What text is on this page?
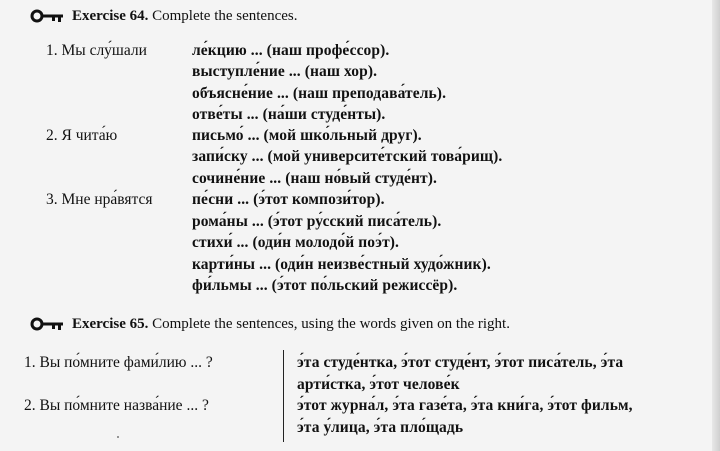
Exercise 64. Complete the sentences.
1. Мы слу́шали
2. Я чита́ю
3. Мне нра́вятся
ле́кцию ... (наш профе́ссор).
выступле́ние ... (наш хор).
объясне́ние ... (наш преподава́тель).
отве́ты ... (на́ши студе́нты).
письмо́ ... (мой шко́льный друг).
запи́ску ... (мой университе́тский това́рищ).
сочине́ние ... (наш но́вый студе́нт).
пе́сни ... (э́тот компози́тор).
рома́ны ... (э́тот ру́сский писа́тель).
стихи́ ... (оди́н молодо́й поэ́т).
карти́ны ... (оди́н неизве́стный худо́жник).
фи́льмы ... (э́тот по́льский режиссёр).
Exercise 65. Complete the sentences, using the words given on the right.
1. Вы по́мните фами́лию ... ?
2. Вы по́мните назва́ние ... ?
э́та студе́нтка, э́тот студе́нт, э́тот писа́тель, э́та
арти́стка, э́тот челове́к
э́тот журна́л, э́та газе́та, э́та кни́га, э́тот фильм,
э́та у́лица, э́та пло́щадь
